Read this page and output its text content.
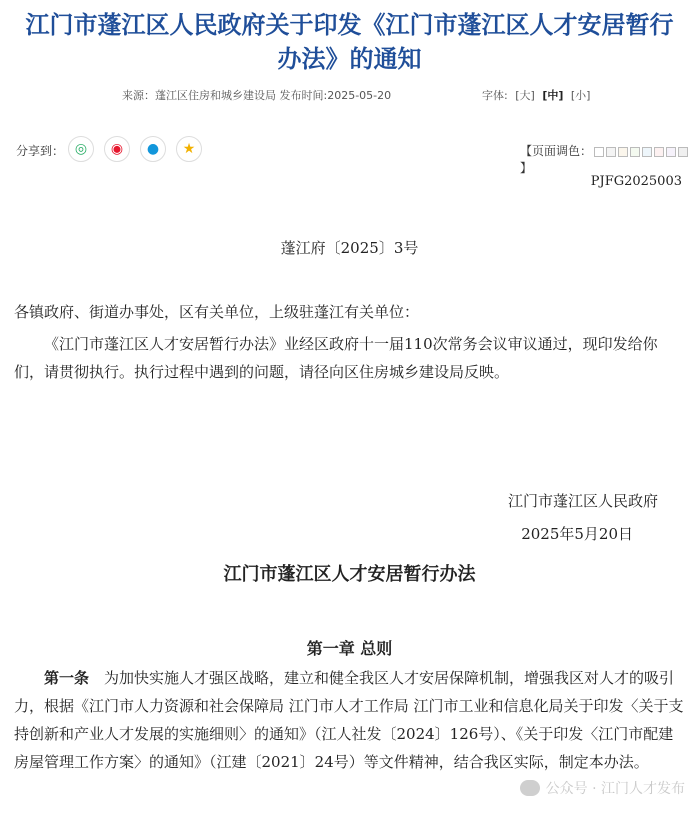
江门市蓬江区人民政府关于印发《江门市蓬江区人才安居暂行
办法》的通知
来源：蓬江区住房和城乡建设局 发布时间:2025-05-20	字体: [大] [中] [小]
分享到： ◎ ◉ ● ★	【页面调色：】
PJFG2025003
蓬江府〔2025〕3号
各镇政府、街道办事处，区有关单位，上级驻蓬江有关单位：
《江门市蓬江区人才安居暂行办法》业经区政府十一届110次常务会议审议通过，现印发给你们，请贯彻执行。执行过程中遇到的问题，请径向区住房城乡建设局反映。
江门市蓬江区人民政府
2025年5月20日
江门市蓬江区人才安居暂行办法
第一章 总则
第一条　 为加快实施人才强区战略，建立和健全我区人才安居保障机制，增强我区对人才的吸引力，根据《江门市人力资源和社会保障局 江门市人才工作局 江门市工业和信息化局关于印发〈关于支持创新和产业人才发展的实施细则〉的通知》（江人社发〔2024〕126号）、《关于印发〈江门市配建房屋管理工作方案〉的通知》（江建〔2021〕24号）等文件精神，结合我区实际，制定本办法。
公众号 · 江门人才发布
